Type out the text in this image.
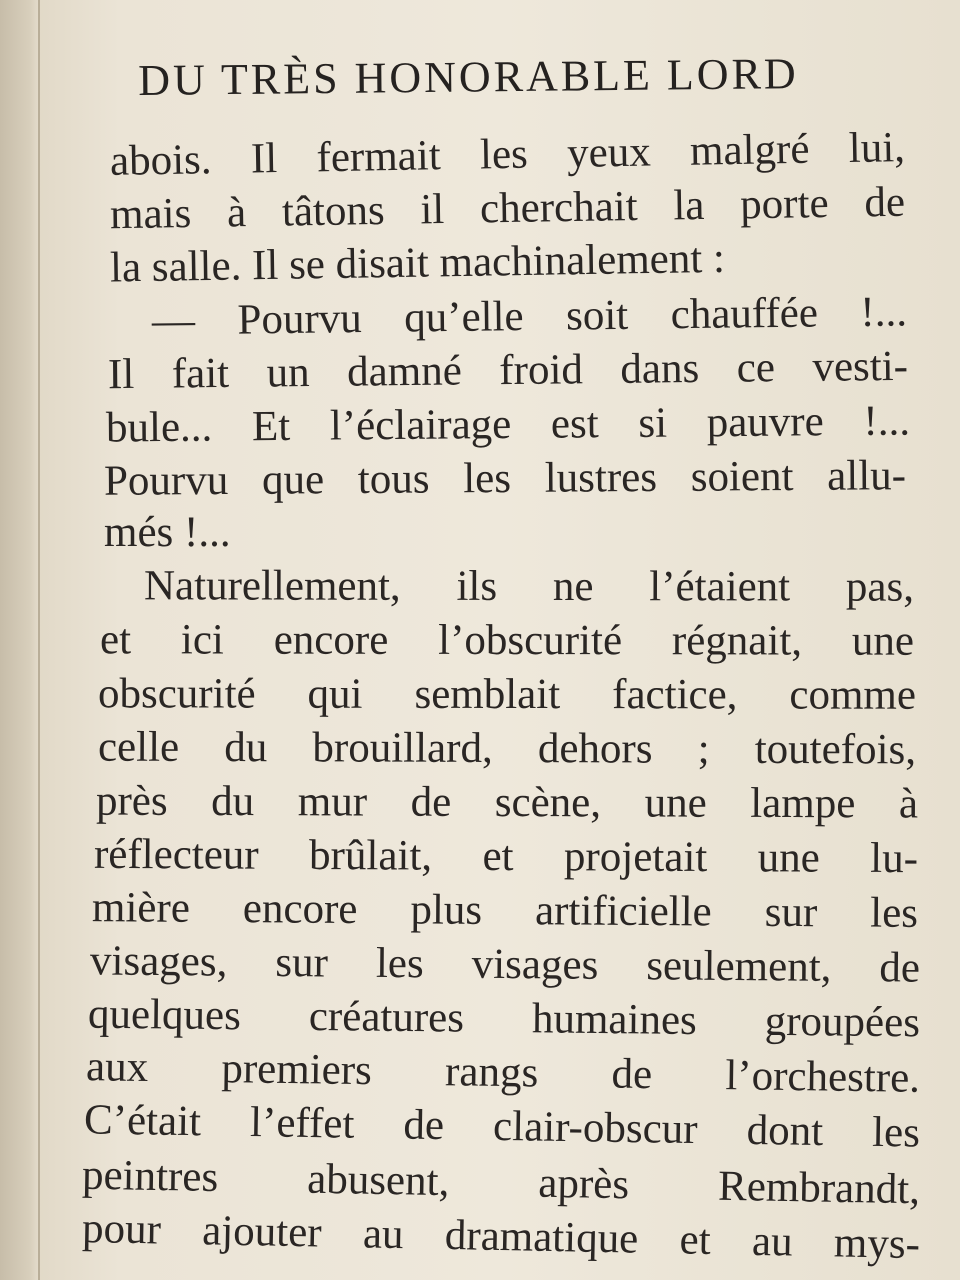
DU TRÈS HONORABLE LORD

abois. Il fermait les yeux malgré lui,

mais à tâtons il cherchait la porte de

la salle. Il se disait machinalement :

— Pourvu qu’elle soit chauffée !...

Il fait un damné froid dans ce vesti-

bule... Et l’éclairage est si pauvre !...

Pourvu que tous les lustres soient allu-

més !...

Naturellement, ils ne l’étaient pas,

et ici encore l’obscurité régnait, une

obscurité qui semblait factice, comme

celle du brouillard, dehors ; toutefois,

près du mur de scène, une lampe à

réflecteur brûlait, et projetait une lu-

mière encore plus artificielle sur les

visages, sur les visages seulement, de

quelques créatures humaines groupées

aux premiers rangs de l’orchestre.

C’était l’effet de clair-obscur dont les

peintres abusent, après Rembrandt,

pour ajouter au dramatique et au mys-
